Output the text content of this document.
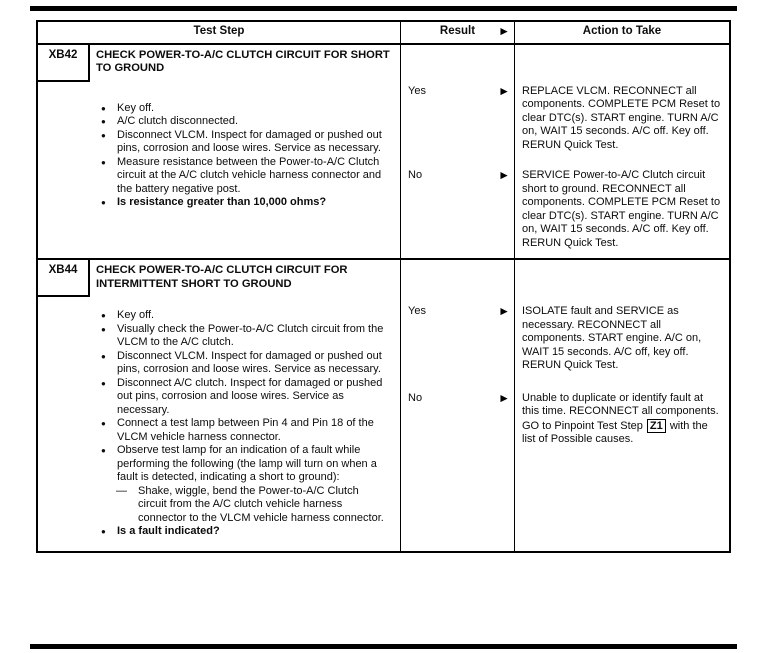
Test Step	Result ►	Action to Take
XB42	CHECK POWER-TO-A/C CLUTCH CIRCUIT FOR SHORT TO GROUND
●	Key off.
●	A/C clutch disconnected.
●	Disconnect VLCM. Inspect for damaged or pushed out pins, corrosion and loose wires. Service as necessary.
●	Measure resistance between the Power-to-A/C Clutch circuit at the A/C clutch vehicle harness connector and the battery negative post.
●	Is resistance greater than 10,000 ohms?
Yes	►	REPLACE VLCM. RECONNECT all components. COMPLETE PCM Reset to clear DTC(s). START engine. TURN A/C on, WAIT 15 seconds. A/C off. Key off. RERUN Quick Test.
No	►	SERVICE Power-to-A/C Clutch circuit short to ground. RECONNECT all components. COMPLETE PCM Reset to clear DTC(s). START engine. TURN A/C on, WAIT 15 seconds. A/C off. Key off. RERUN Quick Test.
XB44	CHECK POWER-TO-A/C CLUTCH CIRCUIT FOR INTERMITTENT SHORT TO GROUND
●	Key off.
●	Visually check the Power-to-A/C Clutch circuit from the VLCM to the A/C clutch.
●	Disconnect VLCM. Inspect for damaged or pushed out pins, corrosion and loose wires. Service as necessary.
●	Disconnect A/C clutch. Inspect for damaged or pushed out pins, corrosion and loose wires. Service as necessary.
●	Connect a test lamp between Pin 4 and Pin 18 of the VLCM vehicle harness connector.
●	Observe test lamp for an indication of a fault while performing the following (the lamp will turn on when a fault is detected, indicating a short to ground):
—	Shake, wiggle, bend the Power-to-A/C Clutch circuit from the A/C clutch vehicle harness connector to the VLCM vehicle harness connector.
●	Is a fault indicated?
Yes	►	ISOLATE fault and SERVICE as necessary. RECONNECT all components. START engine. A/C on, WAIT 15 seconds. A/C off, key off. RERUN Quick Test.
No	►	Unable to duplicate or identify fault at this time. RECONNECT all components. GO to Pinpoint Test Step Z1 with the list of Possible causes.
